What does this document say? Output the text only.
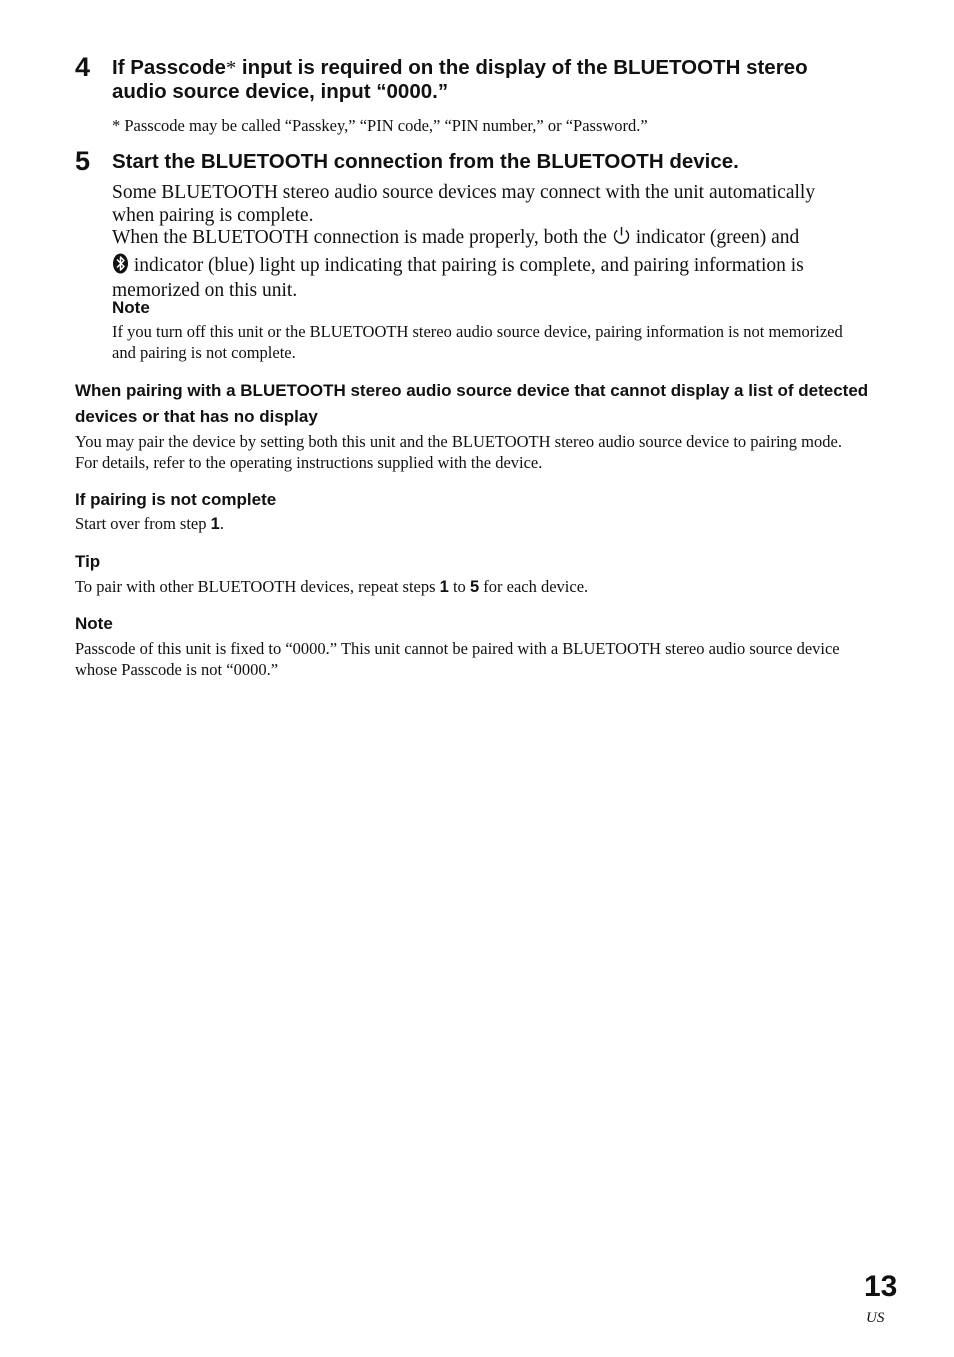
4 If Passcode* input is required on the display of the BLUETOOTH stereo audio source device, input “0000.”
* Passcode may be called “Passkey,” “PIN code,” “PIN number,” or “Password.”
5 Start the BLUETOOTH connection from the BLUETOOTH device.
Some BLUETOOTH stereo audio source devices may connect with the unit automatically when pairing is complete.
When the BLUETOOTH connection is made properly, both the  indicator (green) and
indicator (blue) light up indicating that pairing is complete, and pairing information is memorized on this unit.
Note
If you turn off this unit or the BLUETOOTH stereo audio source device, pairing information is not memorized and pairing is not complete.
When pairing with a BLUETOOTH stereo audio source device that cannot display a list of detected devices or that has no display
You may pair the device by setting both this unit and the BLUETOOTH stereo audio source device to pairing mode. For details, refer to the operating instructions supplied with the device.
If pairing is not complete
Start over from step 1.
Tip
To pair with other BLUETOOTH devices, repeat steps 1 to 5 for each device.
Note
Passcode of this unit is fixed to “0000.” This unit cannot be paired with a BLUETOOTH stereo audio source device whose Passcode is not “0000.”
13
US
